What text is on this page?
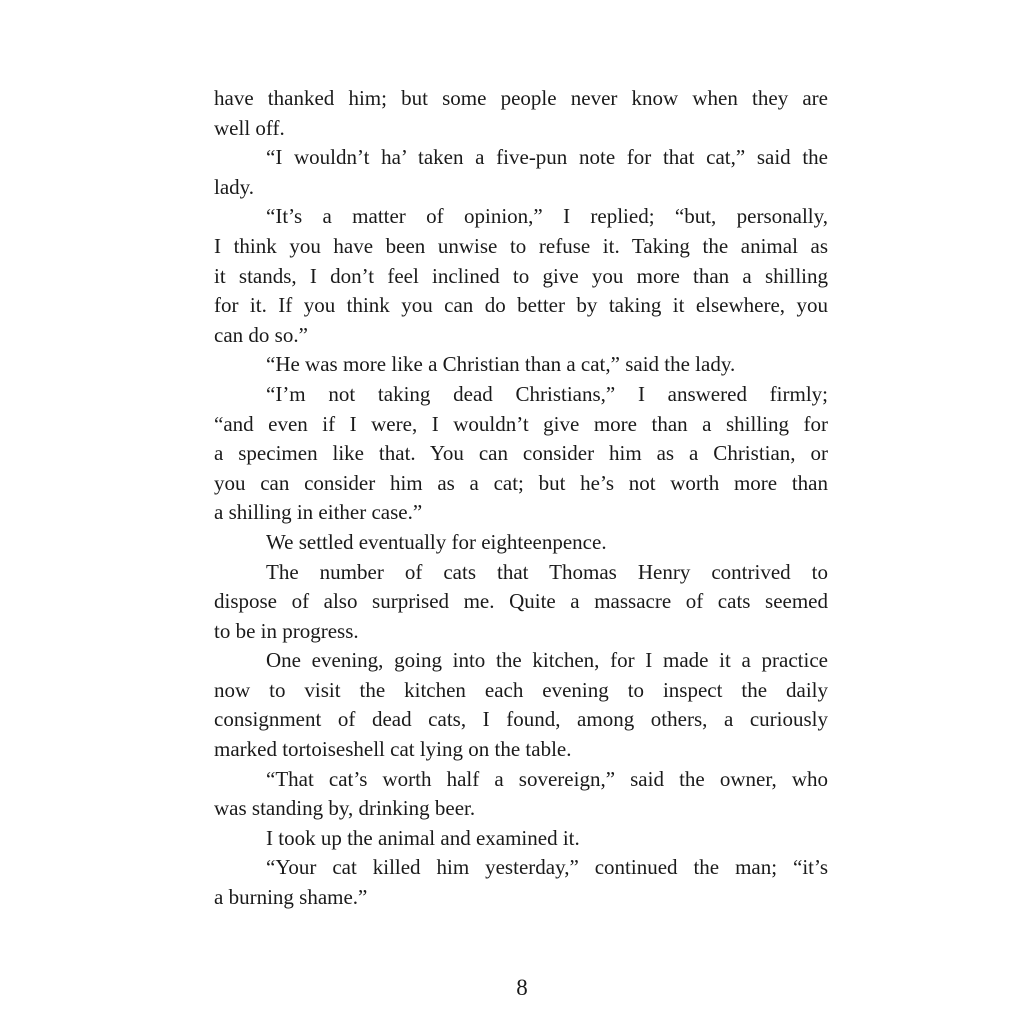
have thanked him; but some people never know when they are
well off.
“I wouldn’t ha’ taken a five-pun note for that cat,” said the
lady.
“It’s a matter of opinion,” I replied; “but, personally,
I think you have been unwise to refuse it. Taking the animal as
it stands, I don’t feel inclined to give you more than a shilling
for it. If you think you can do better by taking it elsewhere, you
can do so.”
“He was more like a Christian than a cat,” said the lady.
“I’m not taking dead Christians,” I answered firmly;
“and even if I were, I wouldn’t give more than a shilling for
a specimen like that. You can consider him as a Christian, or
you can consider him as a cat; but he’s not worth more than
a shilling in either case.”
We settled eventually for eighteenpence.
The number of cats that Thomas Henry contrived to
dispose of also surprised me. Quite a massacre of cats seemed
to be in progress.
One evening, going into the kitchen, for I made it a practice
now to visit the kitchen each evening to inspect the daily
consignment of dead cats, I found, among others, a curiously
marked tortoiseshell cat lying on the table.
“That cat’s worth half a sovereign,” said the owner, who
was standing by, drinking beer.
I took up the animal and examined it.
“Your cat killed him yesterday,” continued the man; “it’s
a burning shame.”
8
